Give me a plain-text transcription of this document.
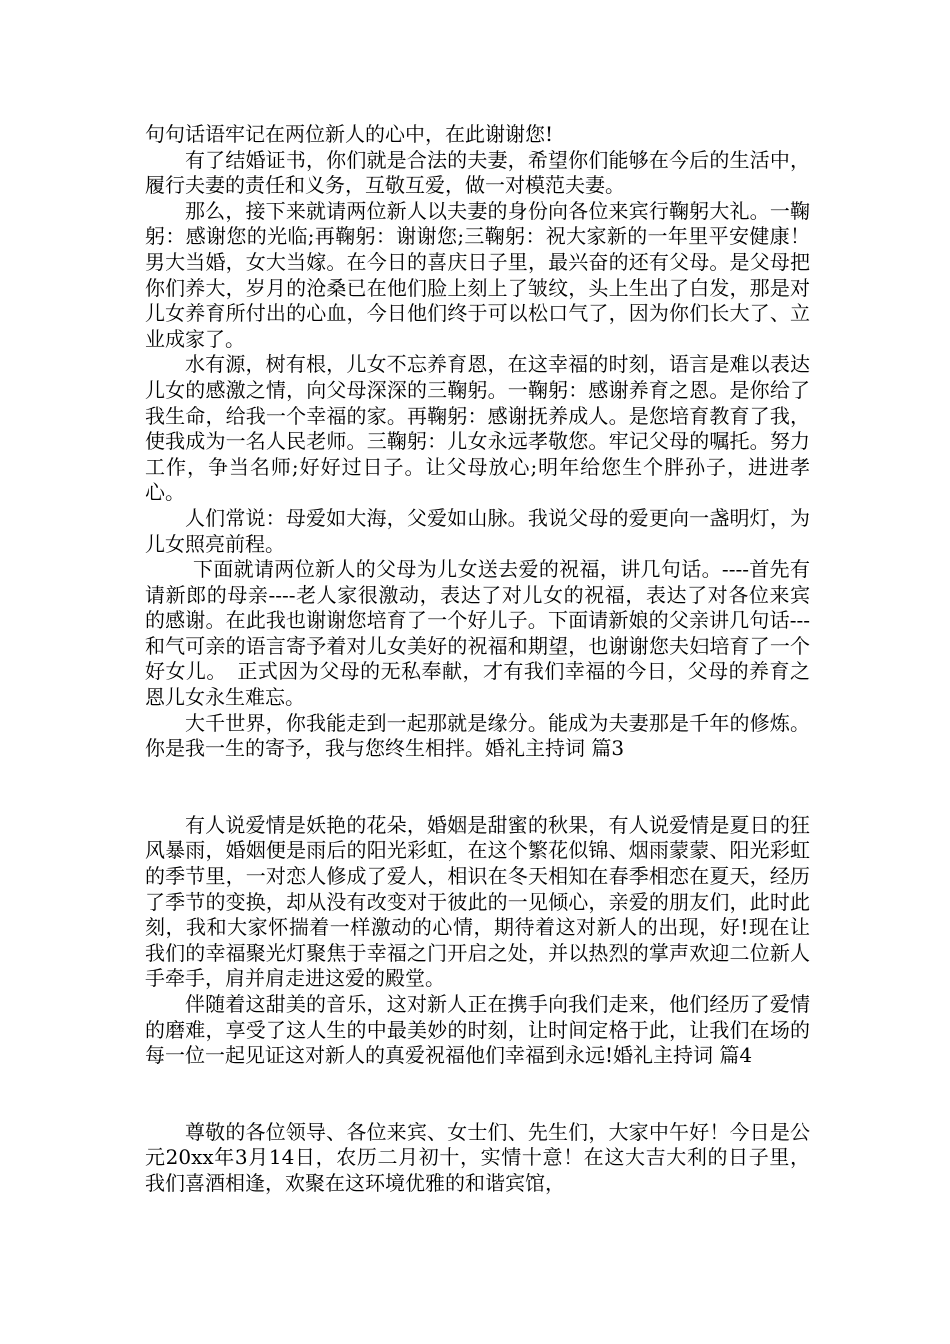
句句话语牢记在两位新人的心中，在此谢谢您!

有了结婚证书，你们就是合法的夫妻，希望你们能够在今后的生活中，履行夫妻的责任和义务，互敬互爱，做一对模范夫妻。

那么，接下来就请两位新人以夫妻的身份向各位来宾行鞠躬大礼。一鞠躬：感谢您的光临;再鞠躬：谢谢您;三鞠躬：祝大家新的一年里平安健康！男大当婚，女大当嫁。在今日的喜庆日子里，最兴奋的还有父母。是父母把你们养大，岁月的沧桑已在他们脸上刻上了皱纹，头上生出了白发，那是对儿女养育所付出的心血，今日他们终于可以松口气了，因为你们长大了、立业成家了。

水有源，树有根，儿女不忘养育恩，在这幸福的时刻，语言是难以表达儿女的感激之情，向父母深深的三鞠躬。一鞠躬：感谢养育之恩。是你给了我生命，给我一个幸福的家。再鞠躬：感谢抚养成人。是您培育教育了我，使我成为一名人民老师。三鞠躬：儿女永远孝敬您。牢记父母的嘱托。努力工作，争当名师;好好过日子。让父母放心;明年给您生个胖孙子，进进孝心。

人们常说：母爱如大海，父爱如山脉。我说父母的爱更向一盏明灯，为儿女照亮前程。

下面就请两位新人的父母为儿女送去爱的祝福，讲几句话。----首先有请新郎的母亲----老人家很激动，表达了对儿女的祝福，表达了对各位来宾的感谢。在此我也谢谢您培育了一个好儿子。下面请新娘的父亲讲几句话---和气可亲的语言寄予着对儿女美好的祝福和期望，也谢谢您夫妇培育了一个好女儿。　正式因为父母的无私奉献，才有我们幸福的今日，父母的养育之恩儿女永生难忘。

大千世界，你我能走到一起那就是缘分。能成为夫妻那是千年的修炼。你是我一生的寄予，我与您终生相拌。婚礼主持词 篇3

有人说爱情是妖艳的花朵，婚姻是甜蜜的秋果，有人说爱情是夏日的狂风暴雨，婚姻便是雨后的阳光彩虹，在这个繁花似锦、烟雨蒙蒙、阳光彩虹的季节里，一对恋人修成了爱人，相识在冬天相知在春季相恋在夏天，经历了季节的变换，却从没有改变对于彼此的一见倾心，亲爱的朋友们，此时此刻，我和大家怀揣着一样激动的心情，期待着这对新人的出现，好!现在让我们的幸福聚光灯聚焦于幸福之门开启之处，并以热烈的掌声欢迎二位新人手牵手，肩并肩走进这爱的殿堂。

伴随着这甜美的音乐，这对新人正在携手向我们走来，他们经历了爱情的磨难，享受了这人生的中最美妙的时刻，让时间定格于此，让我们在场的每一位一起见证这对新人的真爱祝福他们幸福到永远!婚礼主持词 篇4

尊敬的各位领导、各位来宾、女士们、先生们，大家中午好！今日是公元20xx年3月14日，农历二月初十，实情十意！在这大吉大利的日子里，我们喜酒相逢，欢聚在这环境优雅的和谐宾馆，
